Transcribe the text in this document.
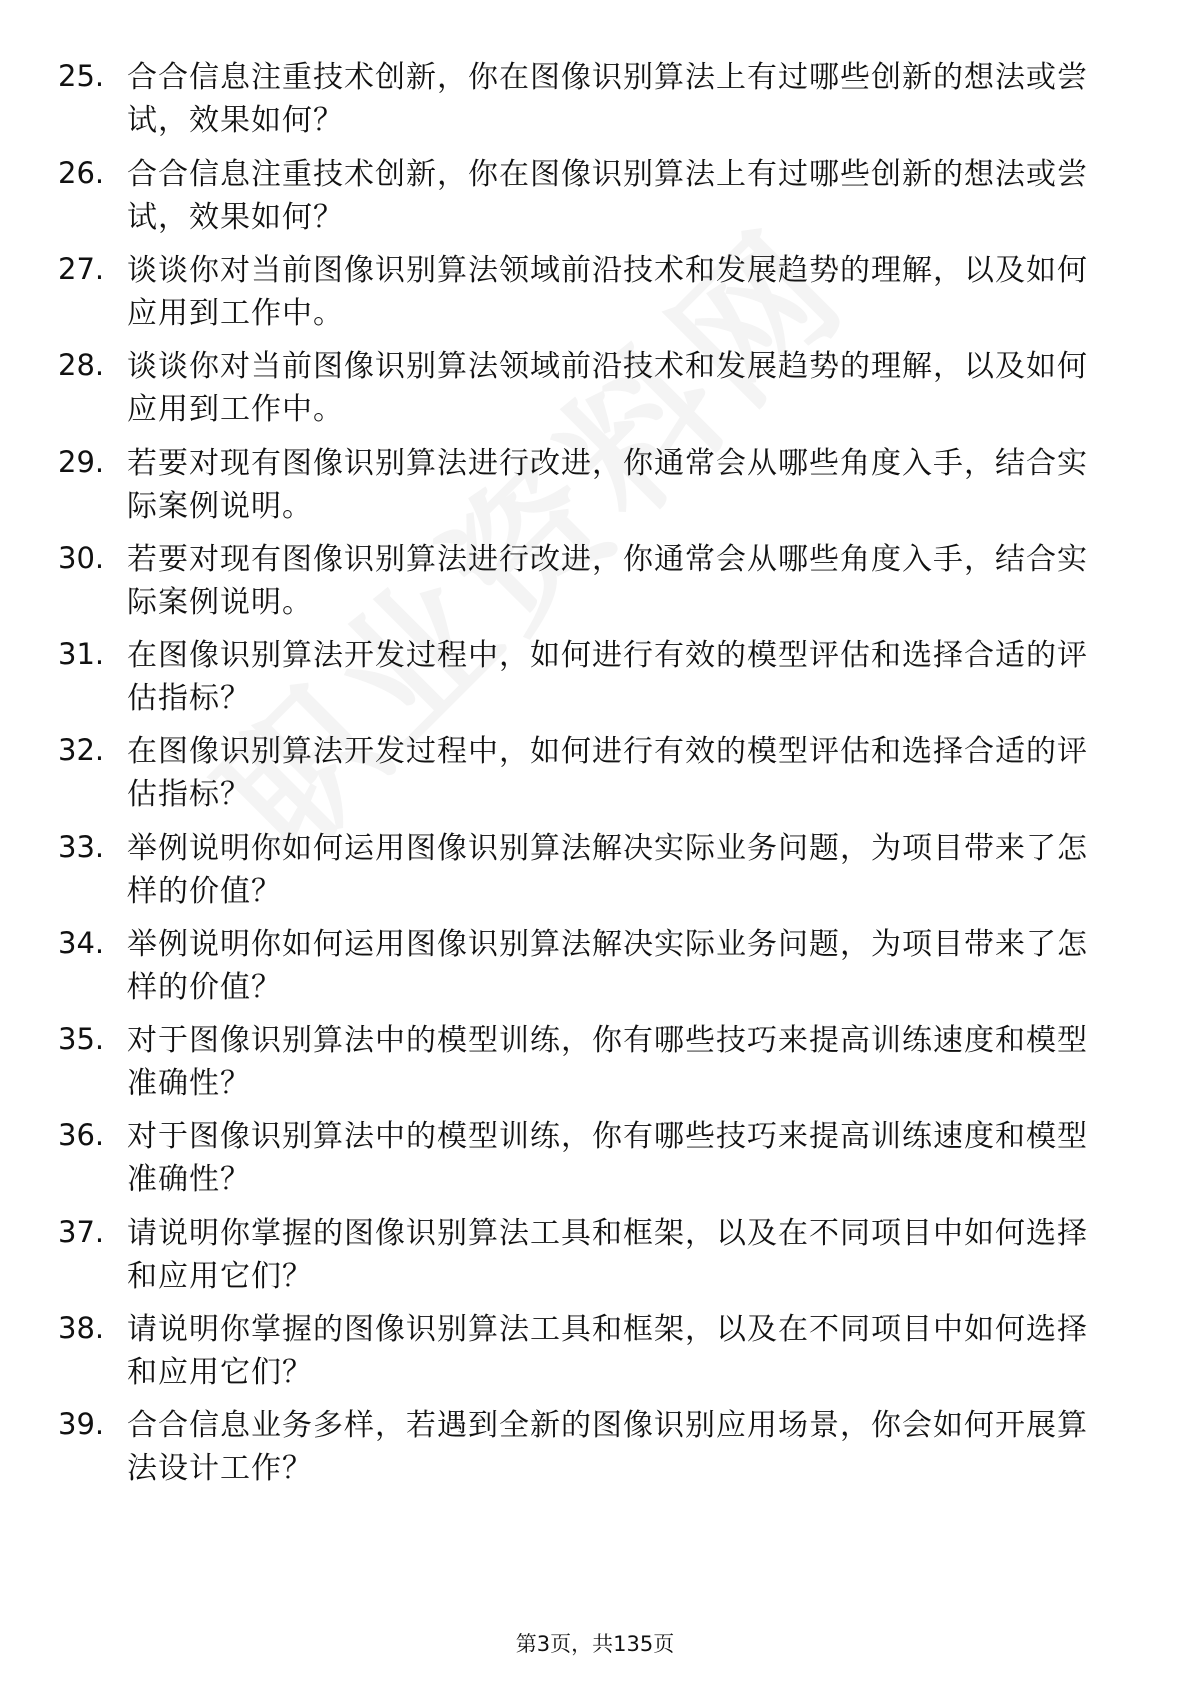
25. 合合信息注重技术创新，你在图像识别算法上有过哪些创新的想法或尝试，效果如何？
26. 合合信息注重技术创新，你在图像识别算法上有过哪些创新的想法或尝试，效果如何？
27. 谈谈你对当前图像识别算法领域前沿技术和发展趋势的理解，以及如何应用到工作中。
28. 谈谈你对当前图像识别算法领域前沿技术和发展趋势的理解，以及如何应用到工作中。
29. 若要对现有图像识别算法进行改进，你通常会从哪些角度入手，结合实际案例说明。
30. 若要对现有图像识别算法进行改进，你通常会从哪些角度入手，结合实际案例说明。
31. 在图像识别算法开发过程中，如何进行有效的模型评估和选择合适的评估指标？
32. 在图像识别算法开发过程中，如何进行有效的模型评估和选择合适的评估指标？
33. 举例说明你如何运用图像识别算法解决实际业务问题，为项目带来了怎样的价值？
34. 举例说明你如何运用图像识别算法解决实际业务问题，为项目带来了怎样的价值？
35. 对于图像识别算法中的模型训练，你有哪些技巧来提高训练速度和模型准确性？
36. 对于图像识别算法中的模型训练，你有哪些技巧来提高训练速度和模型准确性？
37. 请说明你掌握的图像识别算法工具和框架，以及在不同项目中如何选择和应用它们？
38. 请说明你掌握的图像识别算法工具和框架，以及在不同项目中如何选择和应用它们？
39. 合合信息业务多样，若遇到全新的图像识别应用场景，你会如何开展算法设计工作？
第3页，共135页
